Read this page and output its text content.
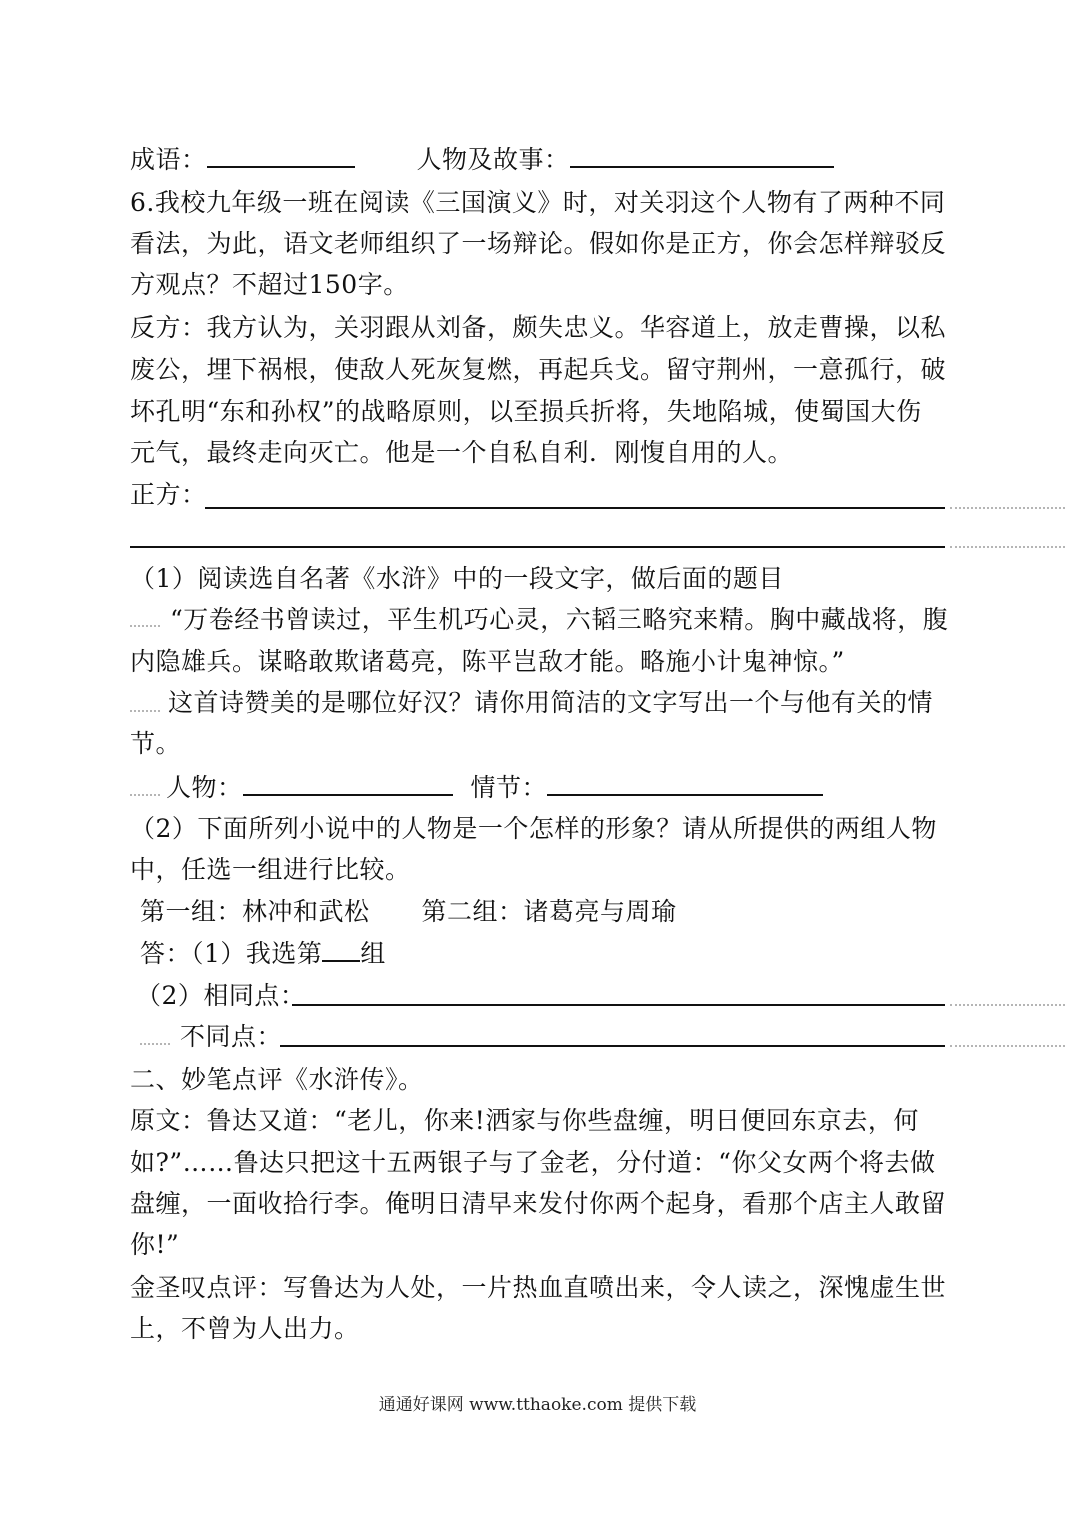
成语：	人物及故事：
6.我校九年级一班在阅读《三国演义》时，对关羽这个人物有了两种不同
看法，为此，语文老师组织了一场辩论。假如你是正方，你会怎样辩驳反
方观点？不超过150字。
反方：我方认为，关羽跟从刘备，颇失忠义。华容道上，放走曹操，以私
废公，埋下祸根，使敌人死灰复燃，再起兵戈。留守荆州，一意孤行，破
坏孔明“东和孙权”的战略原则，以至损兵折将，失地陷城，使蜀国大伤
元气，最终走向灭亡。他是一个自私自利．刚愎自用的人。
正方：
（1）阅读选自名著《水浒》中的一段文字，做后面的题目
“万卷经书曾读过，平生机巧心灵，六韬三略究来精。胸中藏战将，腹
内隐雄兵。谋略敢欺诸葛亮，陈平岂敌才能。略施小计鬼神惊。”
这首诗赞美的是哪位好汉？请你用简洁的文字写出一个与他有关的情
节。
人物：	情节：
（2）下面所列小说中的人物是一个怎样的形象？请从所提供的两组人物
中，任选一组进行比较。
第一组：林冲和武松 第二组：诸葛亮与周瑜
答：（1）我选第 组
（2）相同点：
不同点：
二、妙笔点评《水浒传》。
原文：鲁达又道：“老儿，你来!洒家与你些盘缠，明日便回东京去，何
如?”……鲁达只把这十五两银子与了金老，分付道：“你父女两个将去做
盘缠，一面收拾行李。俺明日清早来发付你两个起身，看那个店主人敢留
你!”
金圣叹点评：写鲁达为人处，一片热血直喷出来，令人读之，深愧虚生世
上，不曾为人出力。
通通好课网 www.tthaoke.com 提供下载
